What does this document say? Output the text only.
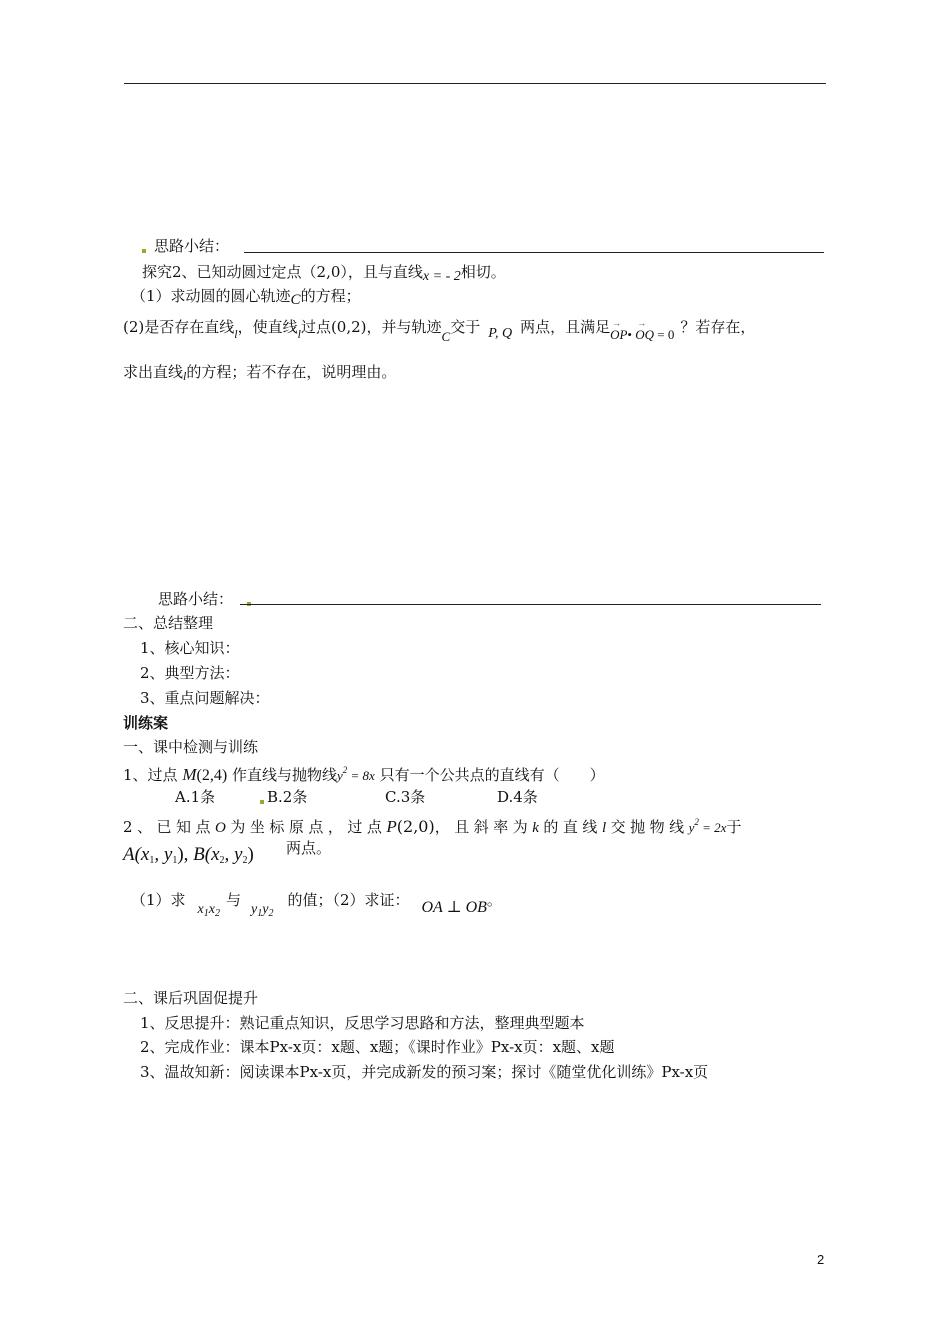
思路小结：
探究2、已知动圆过定点（2,0），且与直线x = - 2相切。
（1）求动圆的圆心轨迹C的方程；
(2)是否存在直线$_l$，使直线$_l$过点(0,2)，并与轨迹C交于 P, Q 两点，且满足→ OP• → OQ = 0 ？若存在，
求出直线$_l$的方程；若不存在，说明理由。
思路小结：
二、总结整理
1、核心知识：
2、典型方法：
3、重点问题解决：
训练案
一、课中检测与训练
1、过点 M(2,4) 作直线与抛物线$y^2 = 8x$ 只有一个公共点的直线有（　　）
A.1条	B.2条	C.3条	D.4条
2、已知点O为坐标原点，过点P(2,0)，且斜率为k的直线l交抛物线$y^2 = 2x$于
$A(x_1$, $y_1$), $B(x_2$, $y_2$) 两点。
（1）求$x_1x_2$与$y_1y_2$的值；（2）求证： OA ⊥ OB。
二、课后巩固促提升
1、反思提升：熟记重点知识，反思学习思路和方法，整理典型题本
2、完成作业：课本Px-x页：x题、x题；《课时作业》Px-x页：x题、x题
3、温故知新：阅读课本Px-x页，并完成新发的预习案；探讨《随堂优化训练》Px-x页
2
